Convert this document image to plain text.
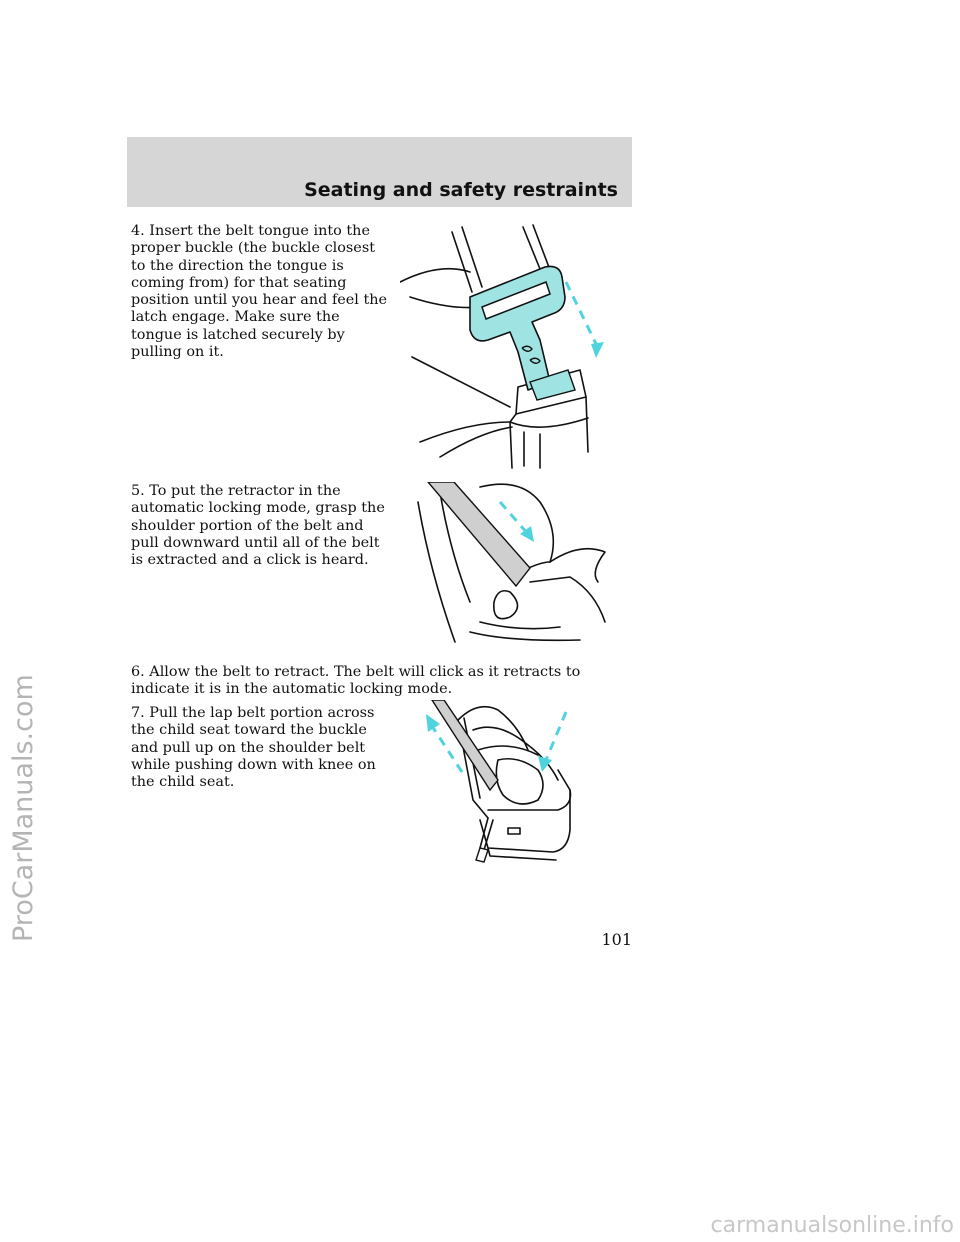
Seating and safety restraints

4. Insert the belt tongue into the proper buckle (the buckle closest to the direction the tongue is coming from) for that seating position until you hear and feel the latch engage. Make sure the tongue is latched securely by pulling on it.

5. To put the retractor in the automatic locking mode, grasp the shoulder portion of the belt and pull downward until all of the belt is extracted and a click is heard.

6. Allow the belt to retract. The belt will click as it retracts to indicate it is in the automatic locking mode.

7. Pull the lap belt portion across the child seat toward the buckle and pull up on the shoulder belt while pushing down with knee on the child seat.

101
ProCarManuals.com
carmanualsonline.info
